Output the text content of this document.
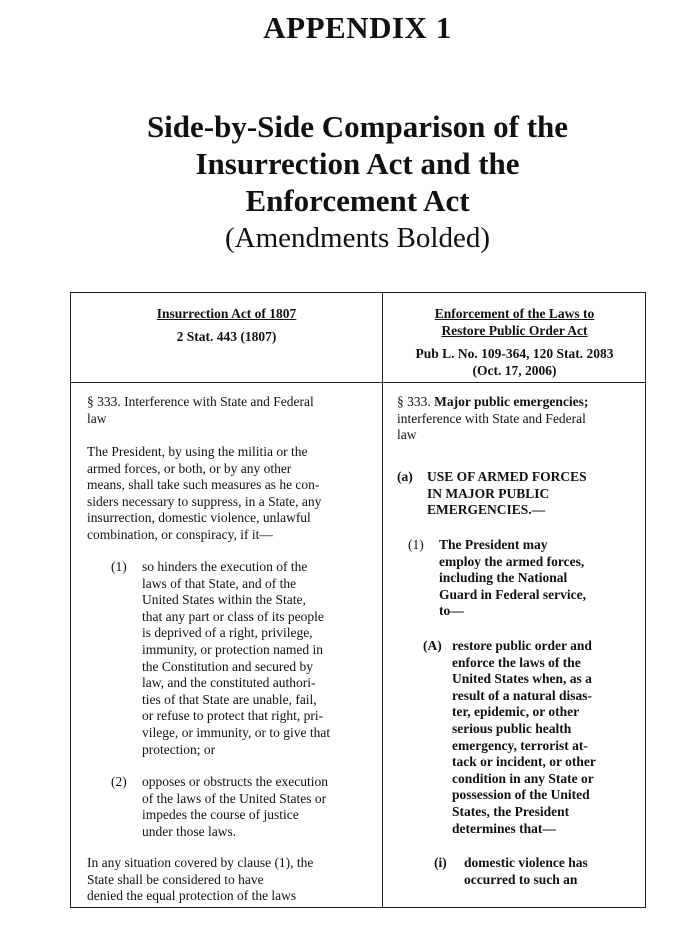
APPENDIX 1
Side-by-Side Comparison of the
Insurrection Act and the
Enforcement Act
(Amendments Bolded)
Insurrection Act of 1807
2 Stat. 443 (1807)
Enforcement of the Laws to
Restore Public Order Act
Pub L. No. 109-364, 120 Stat. 2083
(Oct. 17, 2006)
§ 333. Interference with State and Federal
law
The President, by using the militia or the
armed forces, or both, or by any other
means, shall take such measures as he con-
siders necessary to suppress, in a State, any
insurrection, domestic violence, unlawful
combination, or conspiracy, if it—
(1) so hinders the execution of the
laws of that State, and of the
United States within the State,
that any part or class of its people
is deprived of a right, privilege,
immunity, or protection named in
the Constitution and secured by
law, and the constituted authori-
ties of that State are unable, fail,
or refuse to protect that right, pri-
vilege, or immunity, or to give that
protection; or
(2) opposes or obstructs the execution
of the laws of the United States or
impedes the course of justice
under those laws.
In any situation covered by clause (1), the
State shall be considered to have
denied the equal protection of the laws
§ 333. Major public emergencies;
interference with State and Federal
law
(a) USE OF ARMED FORCES
IN MAJOR PUBLIC
EMERGENCIES.—
(1) The President may
employ the armed forces,
including the National
Guard in Federal service,
to—
(A) restore public order and
enforce the laws of the
United States when, as a
result of a natural disas-
ter, epidemic, or other
serious public health
emergency, terrorist at-
tack or incident, or other
condition in any State or
possession of the United
States, the President
determines that—
(i) domestic violence has
occurred to such an
